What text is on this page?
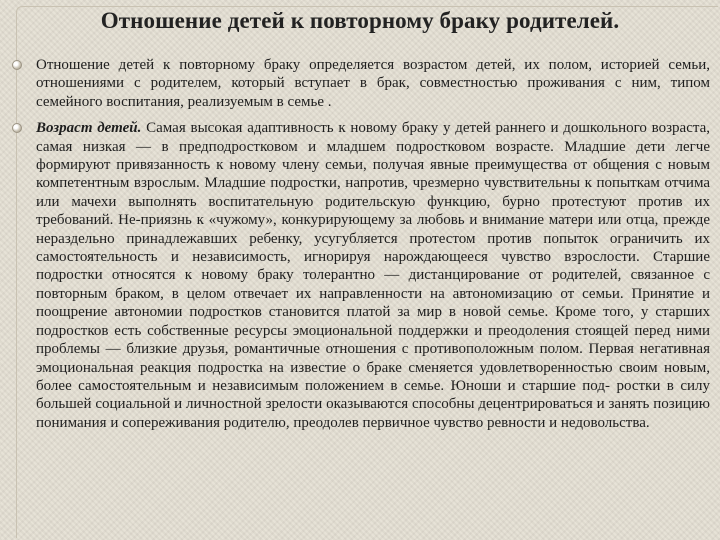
Отношение детей к повторному браку родителей.

Отношение детей к повторному браку определяется возрастом детей, их полом, историей семьи, отношениями с родителем, который вступает в брак, совместностью проживания с ним, типом семейного воспитания, реализуемым в семье .

Возраст детей. Самая высокая адаптивность к новому браку у детей раннего и дошкольного возраста, самая низкая — в предподростковом и младшем подростковом возрасте. Младшие дети легче формируют привязанность к новому члену семьи, получая явные преимущества от общения с новым компетентным взрослым. Младшие подростки, напротив, чрезмерно чувствительны к попыткам отчима или мачехи выполнять воспитательную родительскую функцию, бурно протестуют против их требований. Не-приязнь к «чужому», конкурирующему за любовь и внимание матери или отца, прежде нераздельно принадлежавших ребенку, усугубляется протестом против попыток ограничить их самостоятельность и независимость, игнорируя нарождающееся чувство взрослости. Старшие подростки относятся к новому браку толерантно — дистанцирование от родителей, связанное с повторным браком, в целом отвечает их направленности на автономизацию от семьи. Принятие и поощрение автономии подростков становится платой за мир в новой семье. Кроме того, у старших подростков есть собственные ресурсы эмоциональной поддержки и преодоления стоящей перед ними проблемы — близкие друзья, романтичные отношения с противоположным полом. Первая негативная эмоциональная реакция подростка на известие о браке сменяется удовлетворенностью своим новым, более самостоятельным и независимым положением в семье. Юноши и старшие под- ростки в силу большей социальной и личностной зрелости оказываются способны децентрироваться и занять позицию понимания и сопереживания родителю, преодолев первичное чувство ревности и недовольства.
